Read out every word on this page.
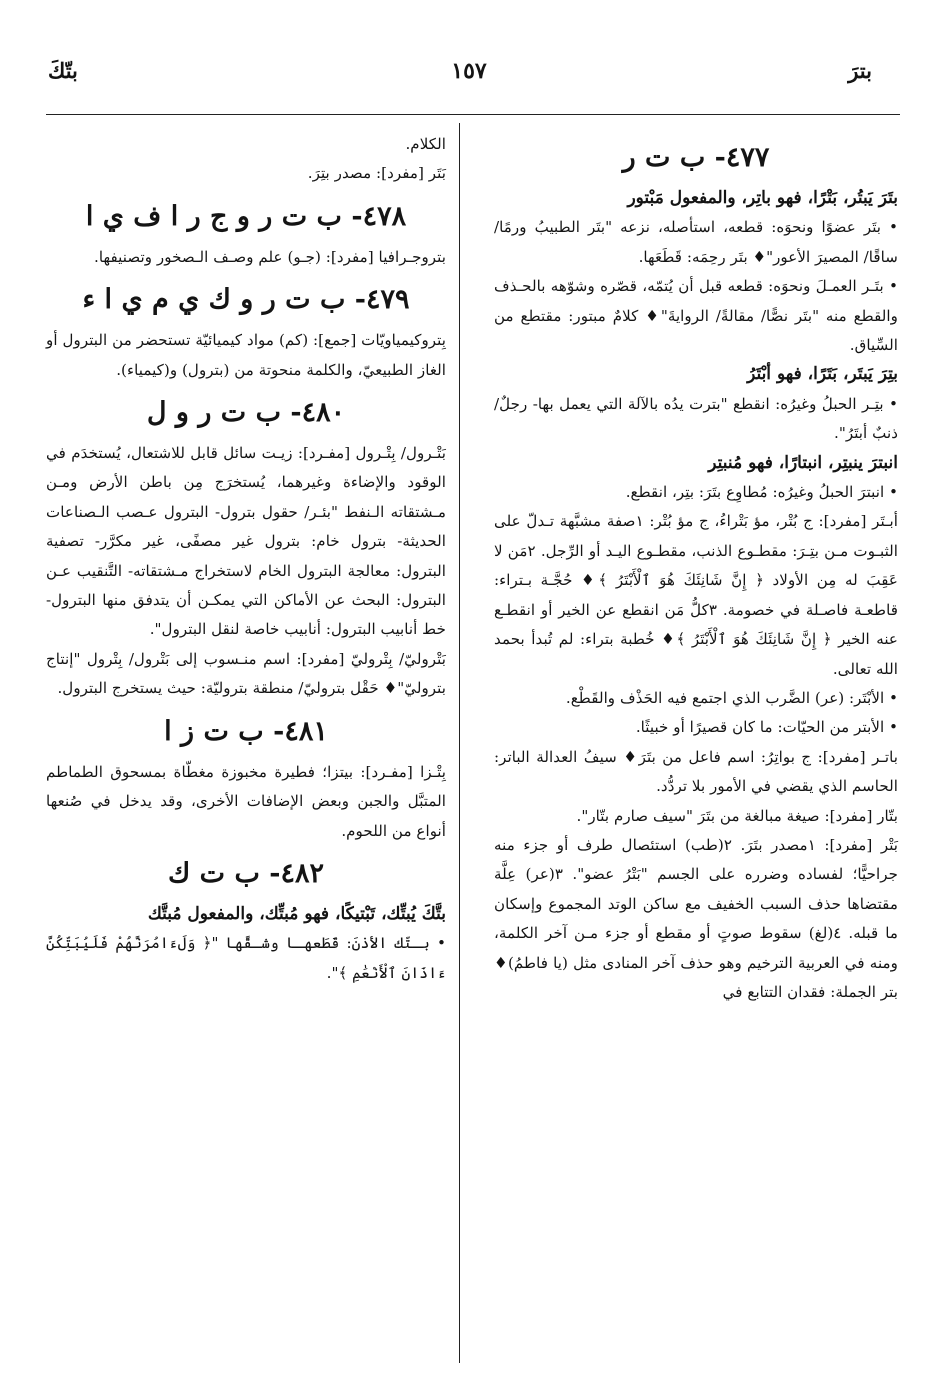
بترَ
١٥٧
بتّكَ

٤٧٧- ب ت ر

بتَرَ يَبتُر، بَتْرًا، فهو باتِر، والمفعول مَبْتور

• بتَر عضوًا ونحوَه: قطعه، استأصله، نزعه "بتَر الطبيبُ ورمًا/ ساقًا/ المصيرَ الأعور"♦ بتَر رحِمَه: قَطَعَها.

• بتَـر العمـلَ ونحوَه: قطعه قبل أن يُتمّه، قصّره وشوّهه بالحـذف والقطع منه "بتَر نصًّا/ مقالةً/ الروايةَ"♦ كلامٌ مبتور: مقتطع من السِّياق.

بتِرَ يَبتَر، بَتَرًا، فهو أبْتَرُ

• بتِـر الحبلُ وغيرُه: انقطع "بترت يدُه بالآلة التي يعمل بها- رجلٌ/ ذنبٌ أبتَرُ".

انبترَ ينبتِر، انبتارًا، فهو مُنبتِر

• انبترَ الحبلُ وغيرُه: مُطاوِع بتَرَ: بتِر، انقطع.

أبـتَر [مفرد]: ج بُتْر، مؤ بَتْراءُ، ج مؤ بُتْر: ١صفة مشبَّهة تـدلّ على الثبـوت مـن بتِـرَ: مقطـوع الذنب، مقطـوع اليـد أو الرِّجل. ٢مَن لا عَقِبَ له مِن الأولاد ﴿ إِنَّ شَانِئَكَ هُوَ ٱلْأَبْتَرُ ﴾♦ حُجَّـة بـتراء: قاطعـة فاصـلة في خصومة. ٣كلُّ مَن انقطع عن الخير أو انقطـع عنه الخير ﴿ إِنَّ شَانِئَكَ هُوَ ٱلْأَبْتَرُ ﴾♦ خُطبة بتراء: لم تُبدأ بحمد الله تعالى.

• الأبْتَر: (عر) الضَّرب الذي اجتمع فيه الحَذْف والقَطْع.

• الأبتر من الحيّات: ما كان قصيرًا أو خبيثًا.

باتـر [مفرد]: ج بواتِرُ: اسم فاعل من بتَرَ♦ سيفُ العدالة الباتر: الحاسم الذي يقضي في الأمور بلا تردُّد.

بتّار [مفرد]: صيغة مبالغة من بتَرَ "سيف صارم بتّار".

بَتْر [مفرد]: ١مصدر بتَرَ. ٢(طب) استئصال طرف أو جزء منه جراحيًّا؛ لفساده وضرره على الجسم "بَتْرُ عضو". ٣(عر) عِلَّة مقتضاها حذف السبب الخفيف مع ساكن الوتد المجموع وإسكان ما قبله. ٤(لغ) سقوط صوتٍ أو مقطع أو جزء مـن آخر الكلمة، ومنه في العربية الترخيم وهو حذف آخر المنادى مثل (يا فاطمُ)♦ بتر الجملة: فقدان التتابع في

الكلام.

بَتَر [مفرد]: مصدر بتِرَ.

٤٧٨- ب ت ر و ج ر ا ف ي ا

بتروجـرافيا [مفرد]: (جـو) علم وصـف الـصخور وتصنيفها.

٤٧٩- ب ت ر و ك ي م ي ا ء

بِتروكيمياويّات [جمع]: (كم) مواد كيميائيّة تستحضر من البترول أو الغاز الطبيعيّ، والكلمة منحوتة من (بترول) و(كيمياء).

٤٨٠- ب ت ر و ل

بَتْـرول/ بِتْـرول [مفـرد]: زيـت سائل قابل للاشتعال، يُستخدَم في الوقود والإضاءة وغيرهما، يُستخرَج مِن باطن الأرض ومـن مـشتقاته الـنفط "بئـر/ حقول بترول- البترول عـصب الـصناعات الحديثة- بترول خام: بترول غير مصفًى، غير مكرَّر- تصفية البترول: معالجة البترول الخام لاستخراج مـشتقاته- التَّنقيب عـن البترول: البحث عن الأماكن التي يمكـن أن يتدفق منها البترول- خط أنابيب البترول: أنابيب خاصة لنقل البترول".

بَتْروليّ/ بِتْروليّ [مفرد]: اسم منـسوب إلى بَتْرول/ بِتْرول "إنتاج بتروليّ"♦ حَقْل بتروليّ/ منطقة بتروليّة: حيث يستخرج البترول.

٤٨١- ب ت ز ا

بِتْـزا [مفـرد]: بيتزا؛ فطيرة مخبوزة مغطّاة بمسحوق الطماطم المتبَّل والجبن وبعض الإضافات الأخرى، وقد يدخل في صُنعها أنواع من اللحوم.

٤٨٢- ب ت ك

بتَّكَ يُبتِّك، تَبْتيكًا، فهو مُبتِّك، والمفعول مُبتَّك

• بـتّك الأذنَ: قَطَعهـا وشـقَّها "﴿ وَلَءَامُرَنَّهُمْ فَلَيُبَتِّكُنَّ ءَاذَانَ ٱلْأَنْعَٰمِ ﴾".
